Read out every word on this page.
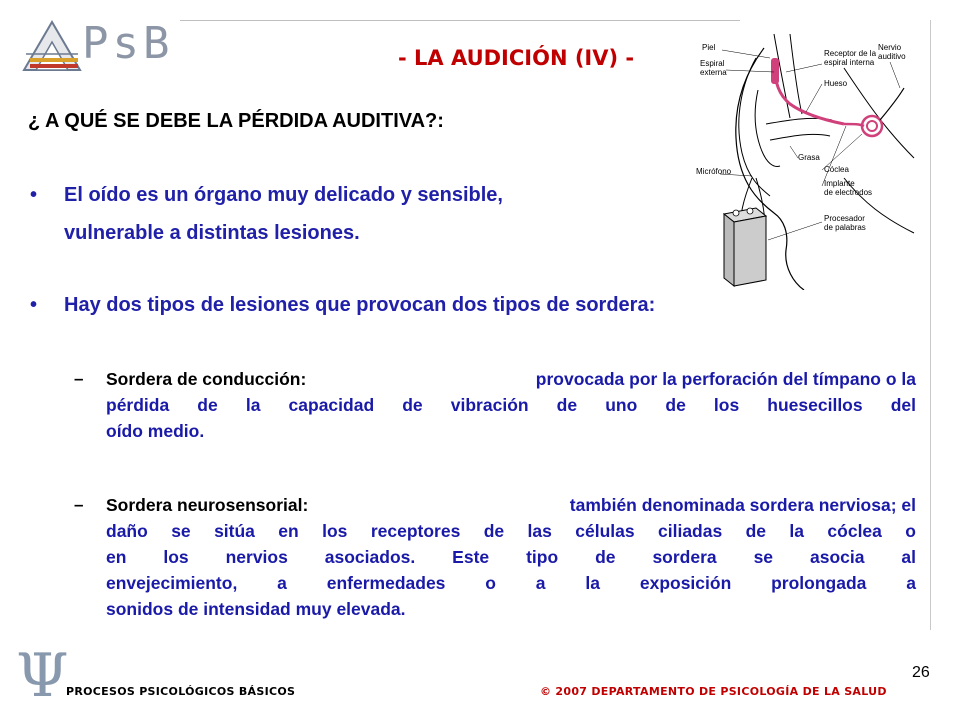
PsB	- LA AUDICIÓN (IV) -	Piel
Espiral
externa
Receptor de la
espiral interna
Nervio
auditivo
Hueso
Grasa
Micrófono	Cóclea
Implante
de electrodos
Procesador
de palabras
¿ A QUÉ SE DEBE LA PÉRDIDA AUDITIVA?:
• El oído es un órgano muy delicado y sensible,
vulnerable a distintas lesiones.
• Hay dos tipos de lesiones que provocan dos tipos de sordera:
– Sordera de conducción:	provocada por la perforación del tímpano o la
pérdida de la capacidad de vibración de uno de los huesecillos del
oído medio.
– Sordera neurosensorial:	también denominada sordera nerviosa; el
daño se sitúa en los receptores de las células ciliadas de la cóclea o
en los nervios asociados. Este tipo de sordera se asocia al
envejecimiento, a enfermedades o a la exposición prolongada a
sonidos de intensidad muy elevada.
Ψ
PROCESOS PSICOLÓGICOS BÁSICOS	© 2007 DEPARTAMENTO DE PSICOLOGÍA DE LA SALUD
26
